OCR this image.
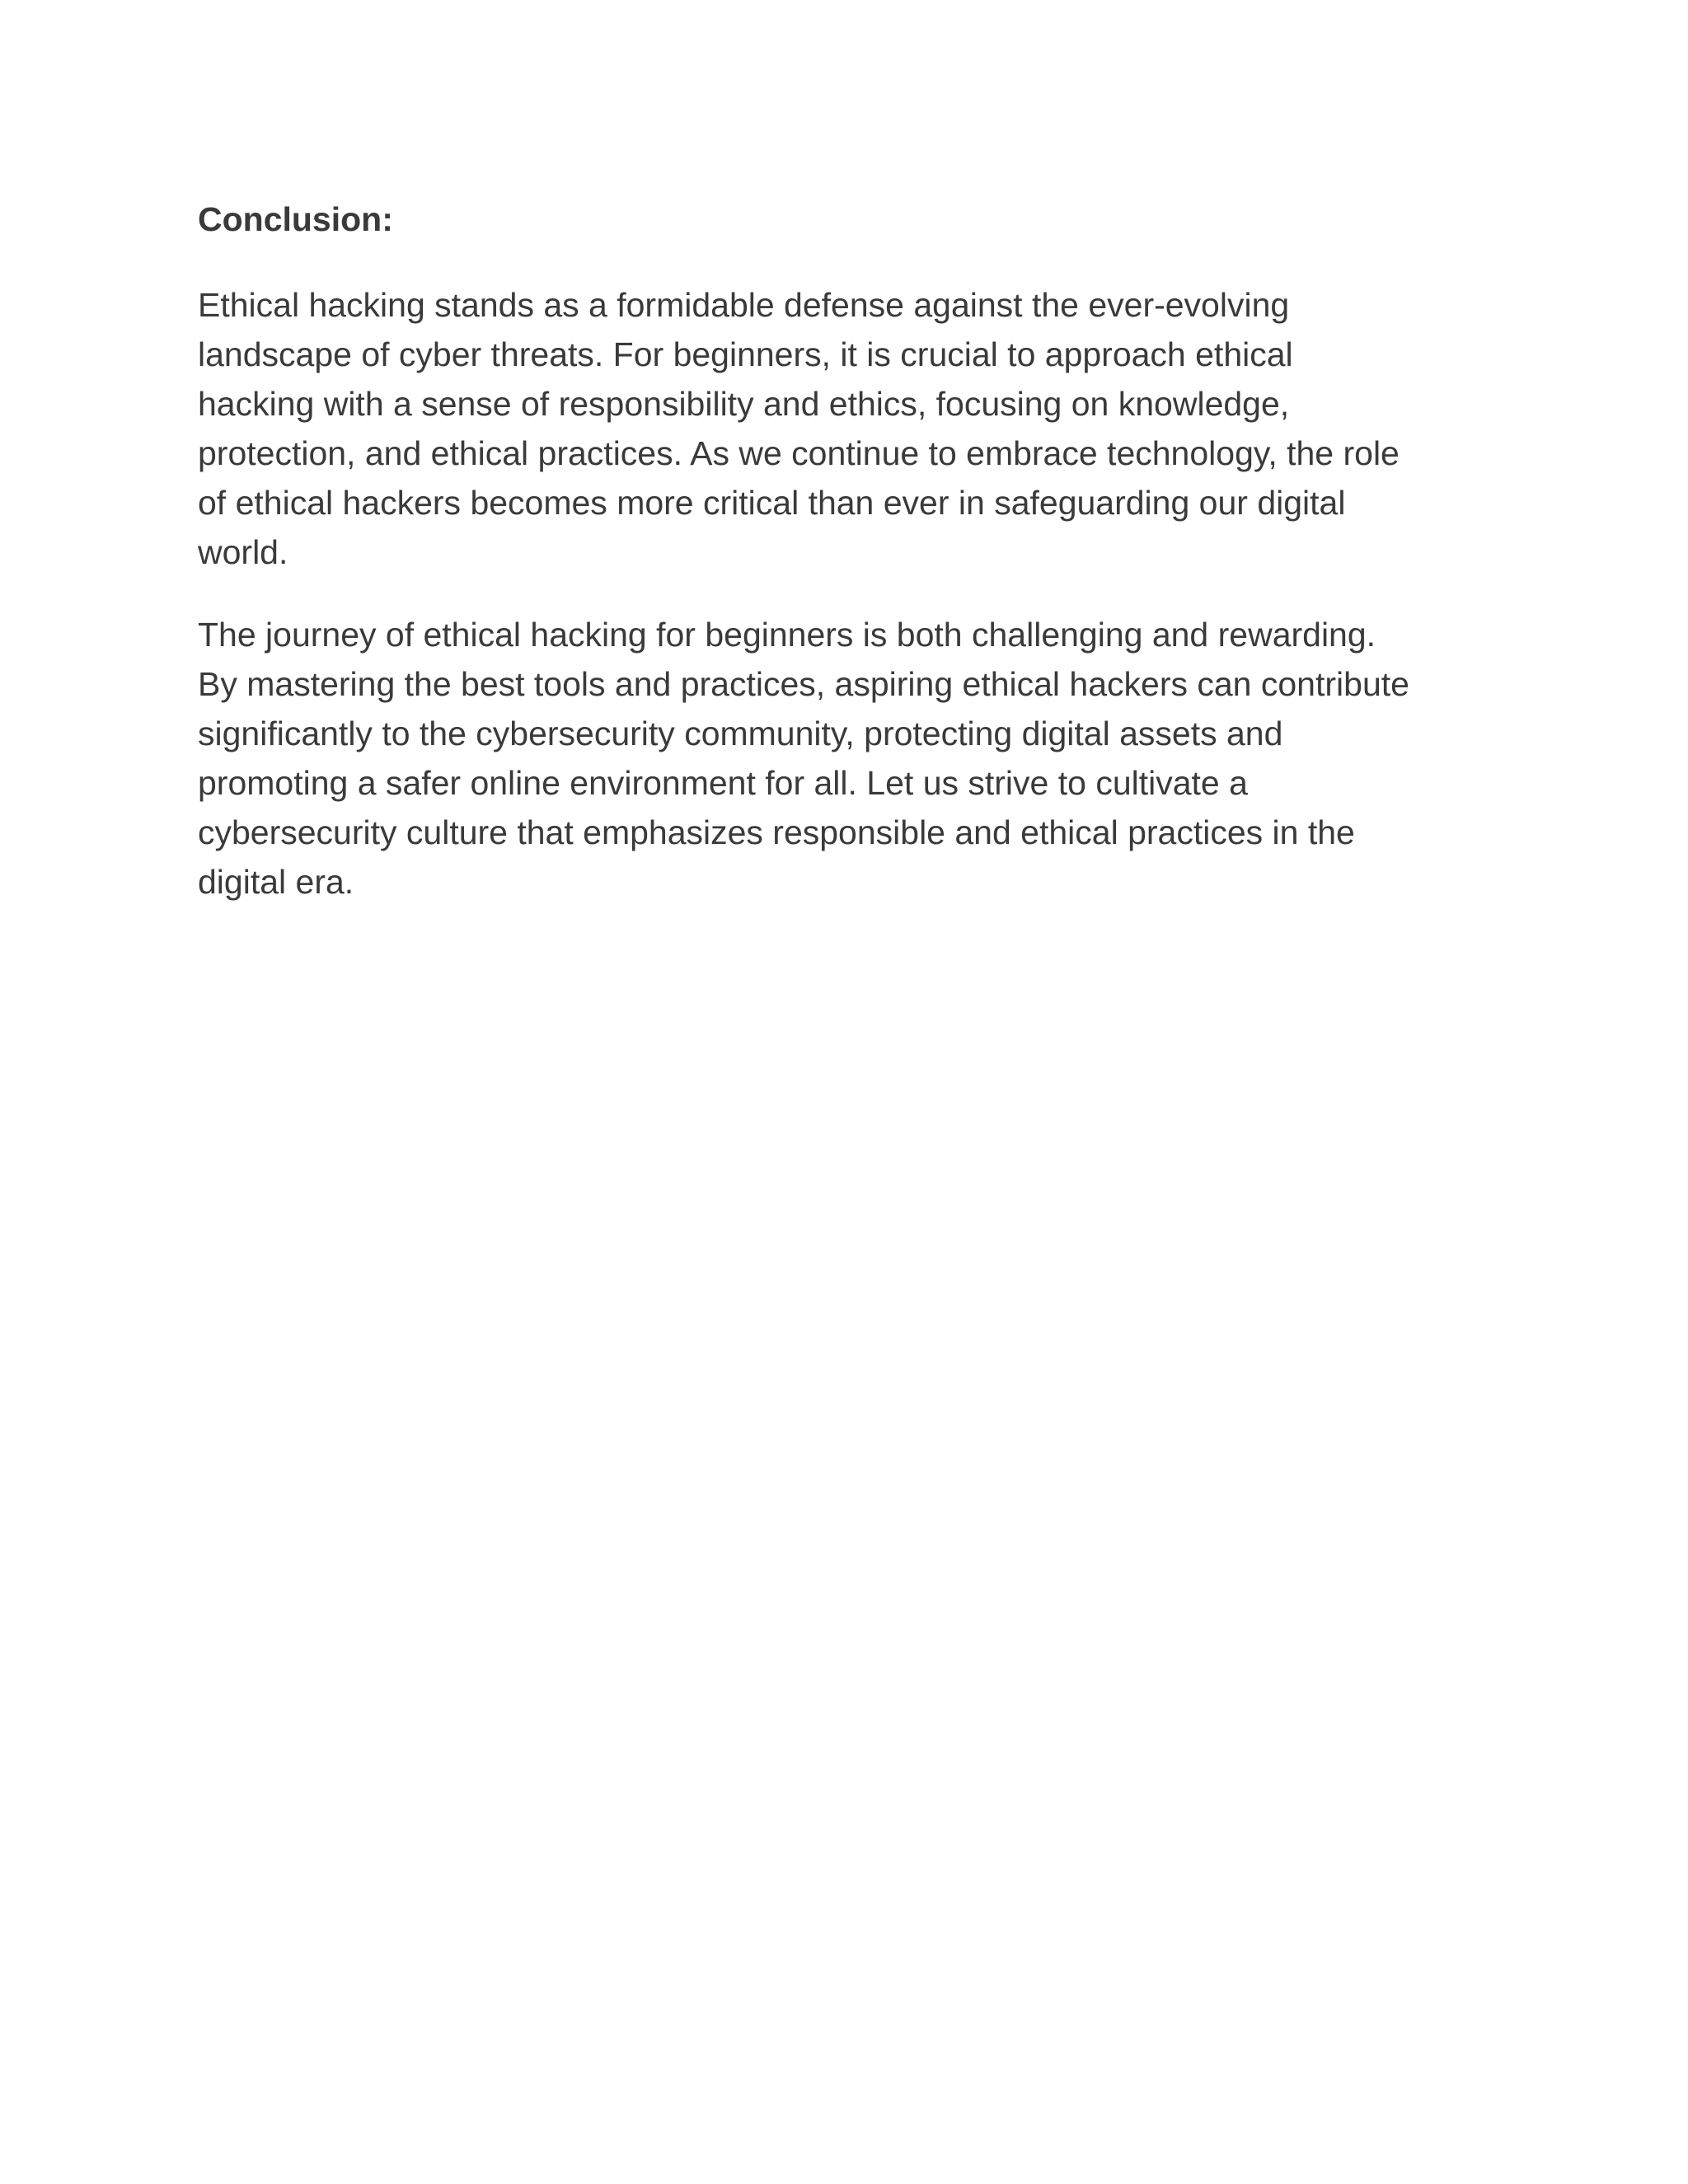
Conclusion:

Ethical hacking stands as a formidable defense against the ever-evolving
landscape of cyber threats. For beginners, it is crucial to approach ethical
hacking with a sense of responsibility and ethics, focusing on knowledge,
protection, and ethical practices. As we continue to embrace technology, the role
of ethical hackers becomes more critical than ever in safeguarding our digital
world.

The journey of ethical hacking for beginners is both challenging and rewarding.
By mastering the best tools and practices, aspiring ethical hackers can contribute
significantly to the cybersecurity community, protecting digital assets and
promoting a safer online environment for all. Let us strive to cultivate a
cybersecurity culture that emphasizes responsible and ethical practices in the
digital era.
